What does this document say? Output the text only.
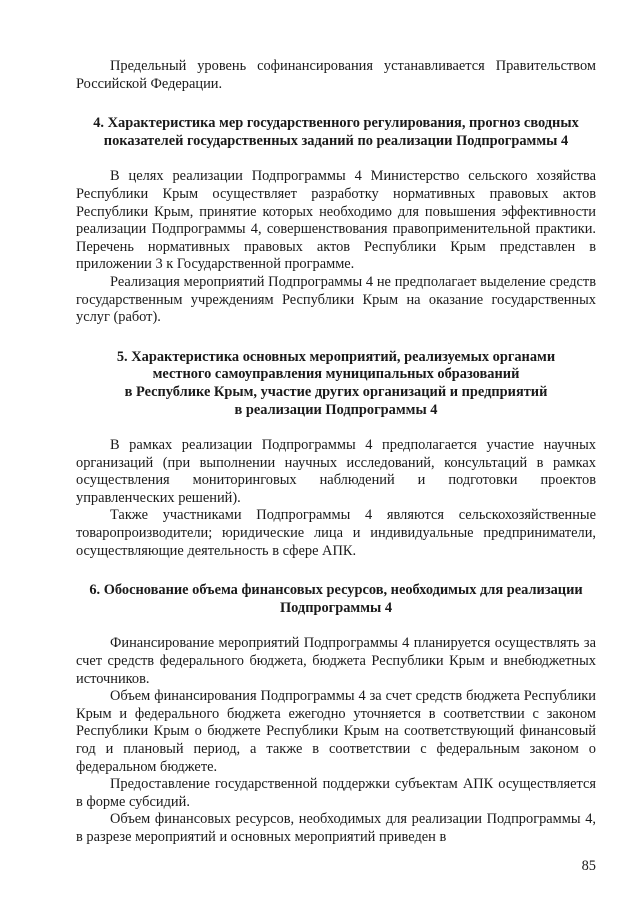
Предельный уровень софинансирования устанавливается Правительством Российской Федерации.

4. Характеристика мер государственного регулирования, прогноз сводных показателей государственных заданий по реализации Подпрограммы 4

В целях реализации Подпрограммы 4 Министерство сельского хозяйства Республики Крым осуществляет разработку нормативных правовых актов Республики Крым, принятие которых необходимо для повышения эффективности реализации Подпрограммы 4, совершенствования правоприменительной практики. Перечень нормативных правовых актов Республики Крым представлен в приложении 3 к Государственной программе.

Реализация мероприятий Подпрограммы 4 не предполагает выделение средств государственным учреждениям Республики Крым на оказание государственных услуг (работ).

5. Характеристика основных мероприятий, реализуемых органами
местного самоуправления муниципальных образований
в Республике Крым, участие других организаций и предприятий
в реализации Подпрограммы 4

В рамках реализации Подпрограммы 4 предполагается участие научных организаций (при выполнении научных исследований, консультаций в рамках осуществления мониторинговых наблюдений и подготовки проектов управленческих решений).

Также участниками Подпрограммы 4 являются сельскохозяйственные товаропроизводители; юридические лица и индивидуальные предприниматели, осуществляющие деятельность в сфере АПК.

6. Обоснование объема финансовых ресурсов, необходимых для реализации Подпрограммы 4

Финансирование мероприятий Подпрограммы 4 планируется осуществлять за счет средств федерального бюджета, бюджета Республики Крым и внебюджетных источников.

Объем финансирования Подпрограммы 4 за счет средств бюджета Республики Крым и федерального бюджета ежегодно уточняется в соответствии с законом Республики Крым о бюджете Республики Крым на соответствующий финансовый год и плановый период, а также в соответствии с федеральным законом о федеральном бюджете.

Предоставление государственной поддержки субъектам АПК осуществляется в форме субсидий.

Объем финансовых ресурсов, необходимых для реализации Подпрограммы 4, в разрезе мероприятий и основных мероприятий приведен в

85
